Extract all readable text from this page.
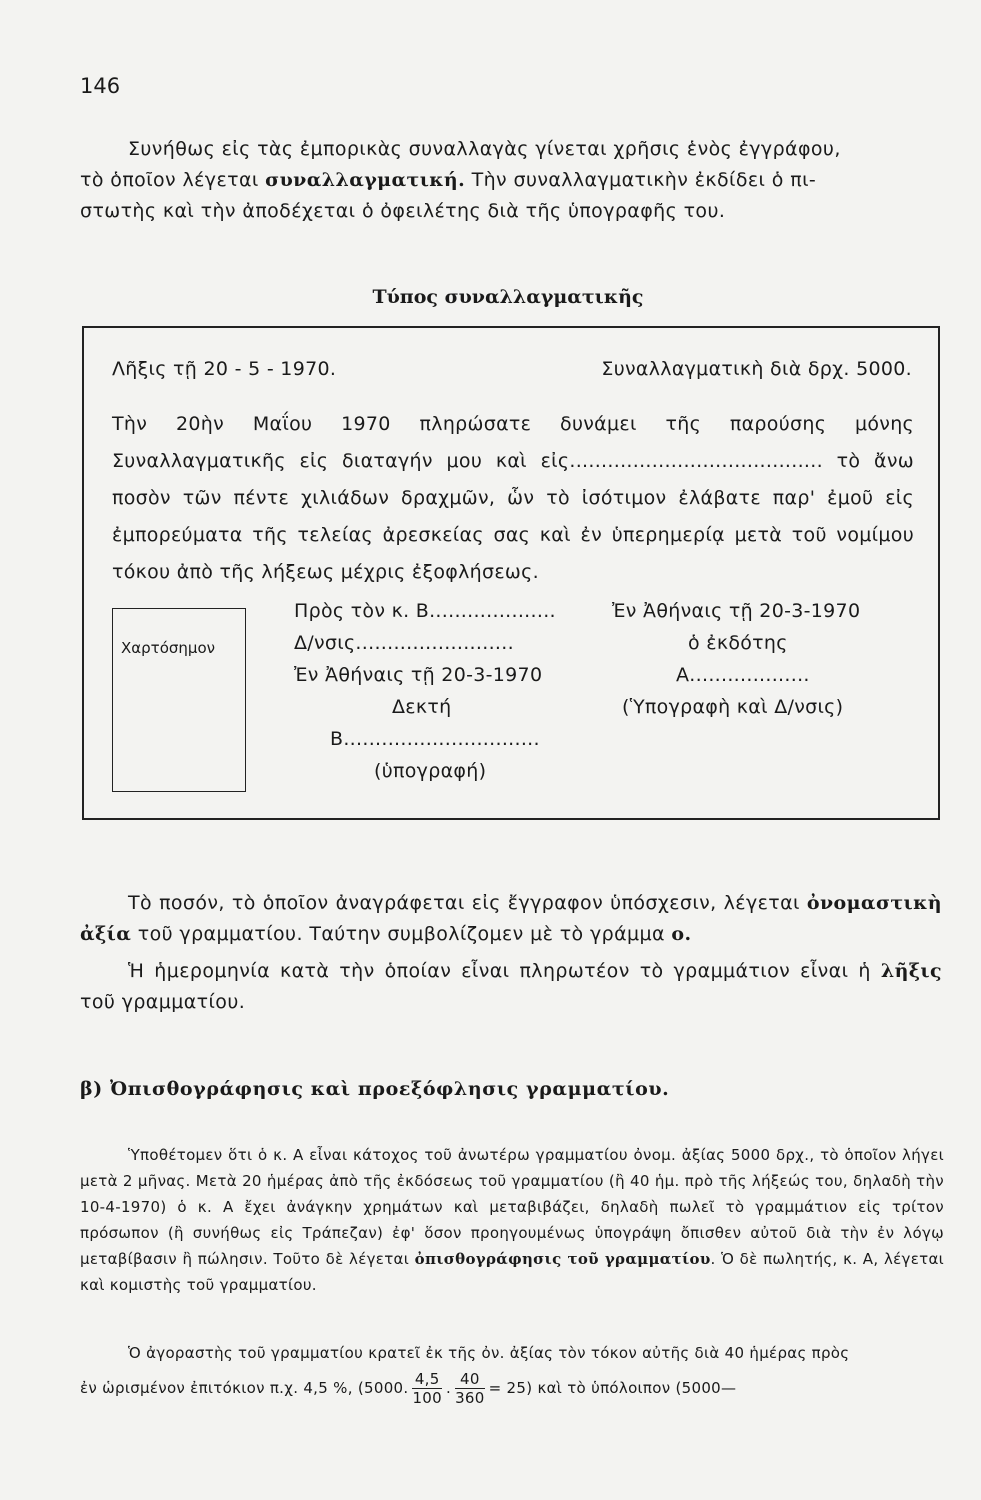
146
Συνήθως εἰς τὰς ἐμπορικὰς συναλλαγὰς γίνεται χρῆσις ἑνὸς ἐγγράφου,
τὸ ὁποῖον λέγεται συναλλαγματική. Τὴν συναλλαγματικὴν ἐκδίδει ὁ πι-
στωτὴς καὶ τὴν ἀποδέχεται ὁ ὀφειλέτης διὰ τῆς ὑπογραφῆς του.
Τύπος συναλλαγματικῆς
Λῆξις τῇ 20 - 5 - 1970.	Συναλλαγματικὴ διὰ δρχ. 5000.
Τὴν 20ὴν Μαΐου 1970 πληρώσατε δυνάμει τῆς παρούσης μόνης Συναλλαγματικῆς εἰς διαταγήν μου καὶ εἰς........................................ τὸ ἄνω ποσὸν τῶν πέντε χιλιάδων δραχμῶν, ὧν τὸ ἰσότιμον ἐλάβατε παρ' ἐμοῦ εἰς ἐμπορεύματα τῆς τελείας ἀρεσκείας σας καὶ ἐν ὑπερημερίᾳ μετὰ τοῦ νομίμου τόκου ἀπὸ τῆς λήξεως μέχρις ἐξοφλήσεως.
Χαρτόσημον
Πρὸς τὸν κ. Β....................
Δ/νσις.........................
Ἐν Ἀθήναις τῇ 20-3-1970
Δεκτή
Β...............................
(ὑπογραφή)
Ἐν Ἀθήναις τῇ 20-3-1970
ὁ ἐκδότης
Α...................
(Ὑπογραφὴ καὶ Δ/νσις)
Τὸ ποσόν, τὸ ὁποῖον ἀναγράφεται εἰς ἔγγραφον ὑπόσχεσιν, λέγεται ὀνομαστικὴ ἀξία τοῦ γραμματίου. Ταύτην συμβολίζομεν μὲ τὸ γράμμα ο.
Ἡ ἡμερομηνία κατὰ τὴν ὁποίαν εἶναι πληρωτέον τὸ γραμμάτιον εἶναι ἡ λῆξις τοῦ γραμματίου.
β) Ὀπισθογράφησις καὶ προεξόφλησις γραμματίου.
Ὑποθέτομεν ὅτι ὁ κ. Α εἶναι κάτοχος τοῦ ἀνωτέρω γραμματίου ὀνομ. ἀξίας 5000 δρχ., τὸ ὁποῖον λήγει μετὰ 2 μῆνας. Μετὰ 20 ἡμέρας ἀπὸ τῆς ἐκδόσεως τοῦ γραμματίου (ἢ 40 ἡμ. πρὸ τῆς λήξεώς του, δηλαδὴ τὴν 10-4-1970) ὁ κ. Α ἔχει ἀνάγκην χρημάτων καὶ μεταβιβάζει, δηλαδὴ πωλεῖ τὸ γραμμάτιον εἰς τρίτον πρόσωπον (ἢ συνήθως εἰς Τράπεζαν) ἐφ' ὅσον προηγουμένως ὑπογράψη ὄπισθεν αὐτοῦ διὰ τὴν ἐν λόγῳ μεταβίβασιν ἢ πώλησιν. Τοῦτο δὲ λέγεται ὀπισθογράφησις τοῦ γραμματίου. Ὁ δὲ πωλητής, κ. Α, λέγεται καὶ κομιστὴς τοῦ γραμματίου.
Ὁ ἀγοραστὴς τοῦ γραμματίου κρατεῖ ἐκ τῆς ὀν. ἀξίας τὸν τόκον αὐτῆς διὰ 40 ἡμέρας πρὸς
ἐν ὡρισμένον ἐπιτόκιον π.χ. 4,5 %, (5000. $\frac{4,5}{100}$ . $\frac{40}{360} = 25$) καὶ τὸ ὑπόλοιπον (5000—
